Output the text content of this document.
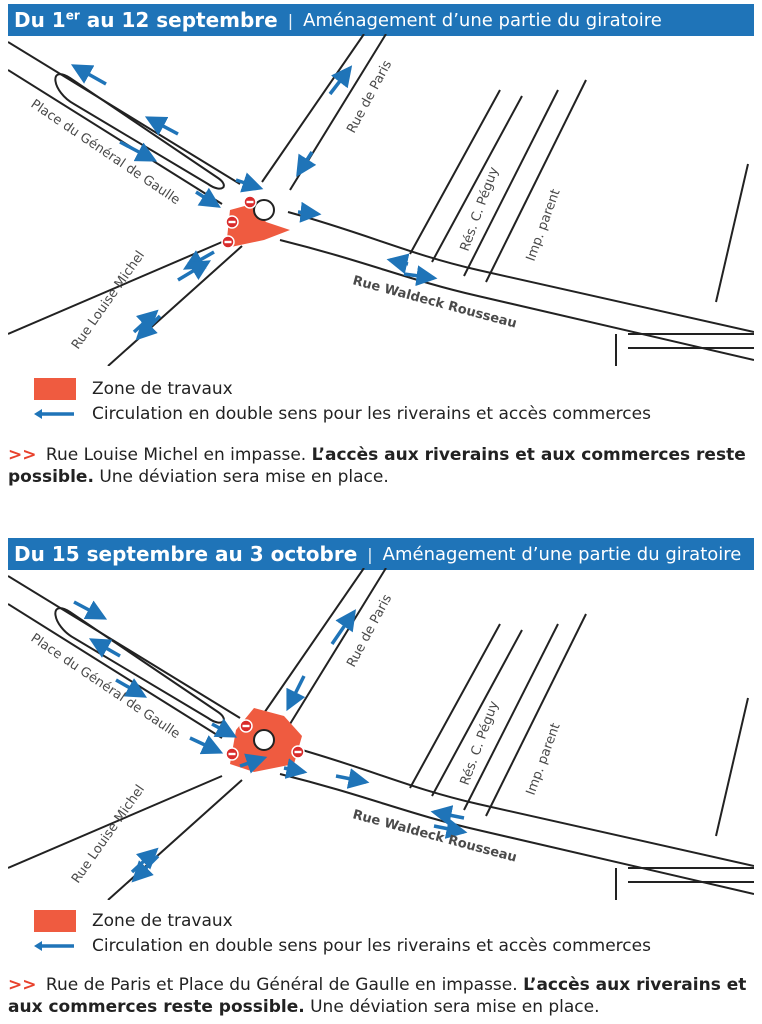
Du 1er au 12 septembre | Aménagement d’une partie du giratoire
Rue de Paris
Place du Général de Gaulle
Rés. C. Péguy Imp. parent
Rue Waldeck Rousseau
Rue Louise Michel
Zone de travaux
Circulation en double sens pour les riverains et accès commerces
>> Rue Louise Michel en impasse. L’accès aux riverains et aux commerces reste possible. Une déviation sera mise en place.
Du 15 septembre au 3 octobre | Aménagement d’une partie du giratoire
Rue de Paris
Place du Général de Gaulle
Rés. C. Péguy Imp. parent
Rue Waldeck Rousseau
Rue Louise Michel
Zone de travaux
Circulation en double sens pour les riverains et accès commerces
>> Rue de Paris et Place du Général de Gaulle en impasse. L’accès aux riverains et aux commerces reste possible. Une déviation sera mise en place.
